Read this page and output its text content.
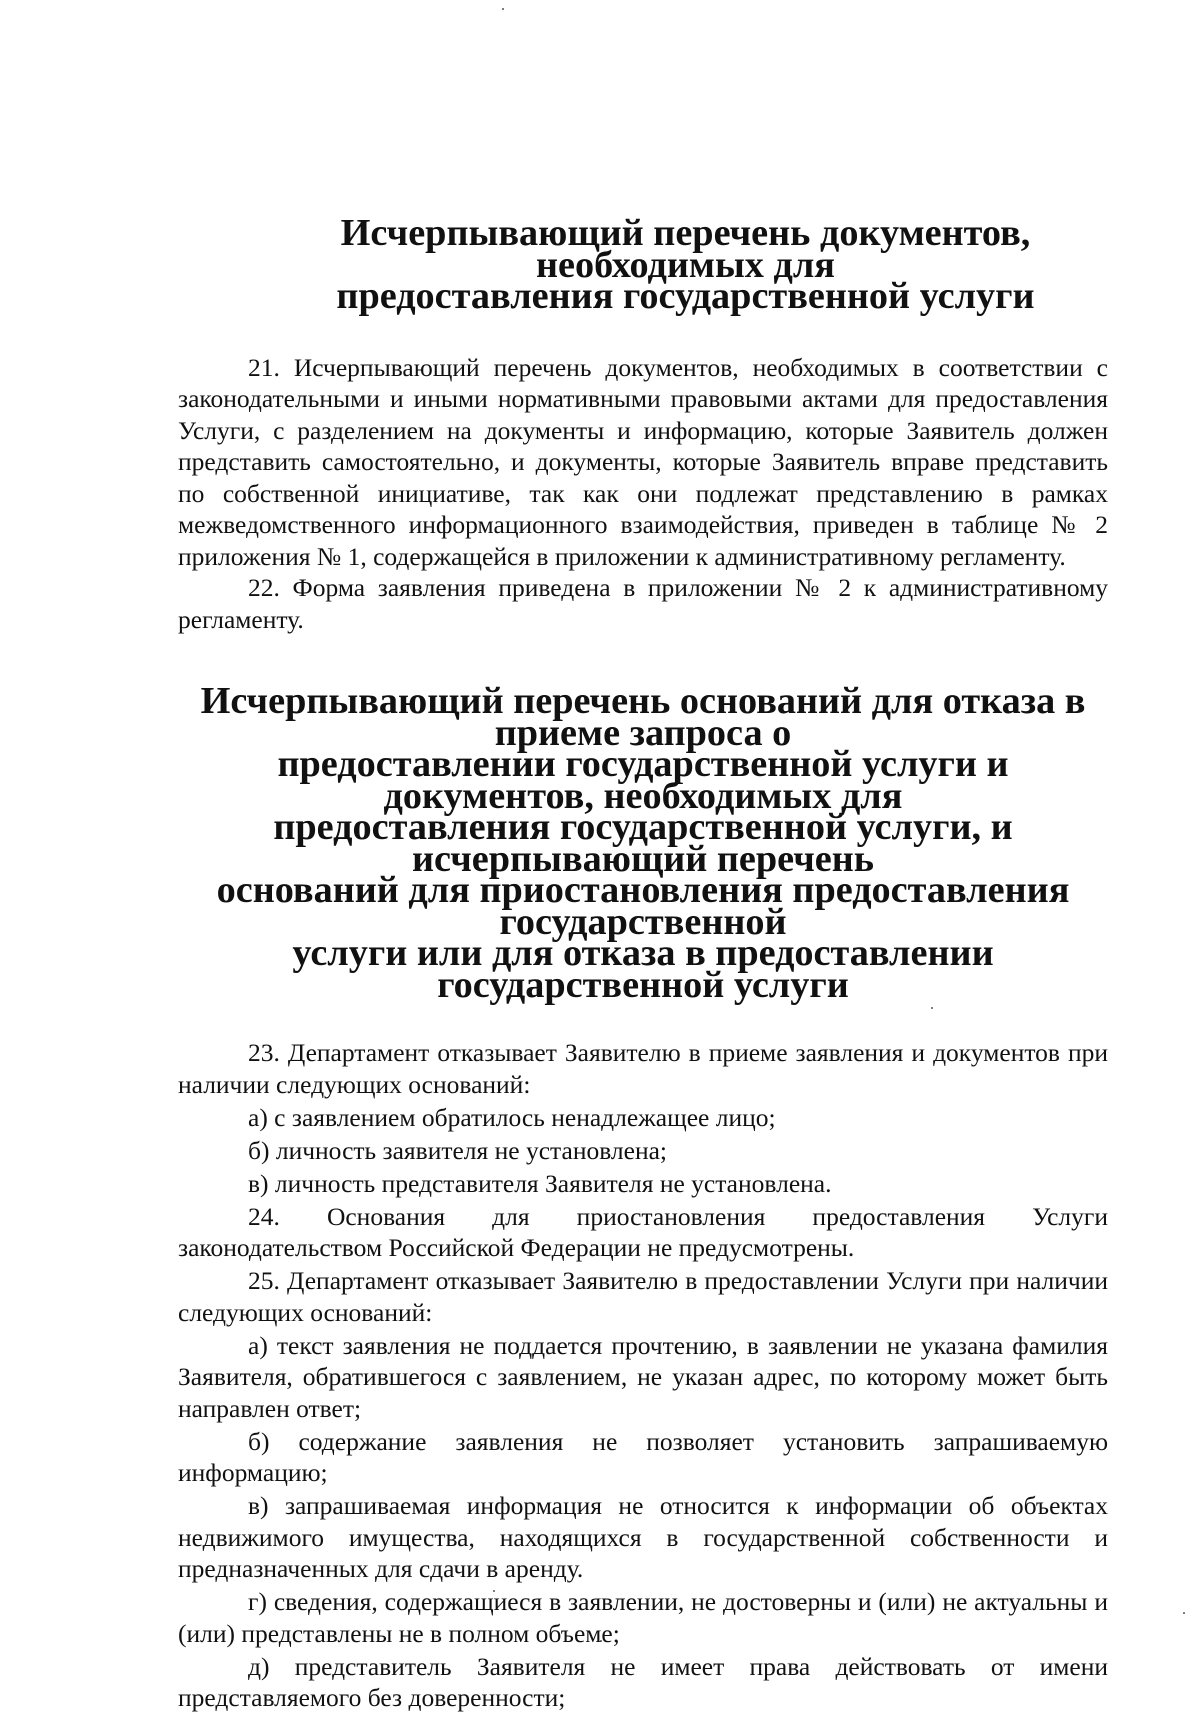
Исчерпывающий перечень документов, необходимых для
предоставления государственной услуги

21. Исчерпывающий перечень документов, необходимых в соответствии с законодательными и иными нормативными правовыми актами для предоставления Услуги, с разделением на документы и информацию, которые Заявитель должен представить самостоятельно, и документы, которые Заявитель вправе представить по собственной инициативе, так как они подлежат представлению в рамках межведомственного информационного взаимодействия, приведен в таблице № 2 приложения № 1, содержащейся в приложении к административному регламенту.

22. Форма заявления приведена в приложении № 2 к административному регламенту.

Исчерпывающий перечень оснований для отказа в приеме запроса о
предоставлении государственной услуги и документов, необходимых для
предоставления государственной услуги, и исчерпывающий перечень
оснований для приостановления предоставления государственной
услуги или для отказа в предоставлении государственной услуги

23. Департамент отказывает Заявителю в приеме заявления и документов при наличии следующих оснований:

а) с заявлением обратилось ненадлежащее лицо;

б) личность заявителя не установлена;

в) личность представителя Заявителя не установлена.

24. Основания для приостановления предоставления Услуги законодательством Российской Федерации не предусмотрены.

25. Департамент отказывает Заявителю в предоставлении Услуги при наличии следующих оснований:

а) текст заявления не поддается прочтению, в заявлении не указана фамилия Заявителя, обратившегося с заявлением, не указан адрес, по которому может быть направлен ответ;

б) содержание заявления не позволяет установить запрашиваемую информацию;

в) запрашиваемая информация не относится к информации об объектах недвижимого имущества, находящихся в государственной собственности и предназначенных для сдачи в аренду.

г) сведения, содержащиеся в заявлении, не достоверны и (или) не актуальны и (или) представлены не в полном объеме;

д) представитель Заявителя не имеет права действовать от имени представляемого без доверенности;
